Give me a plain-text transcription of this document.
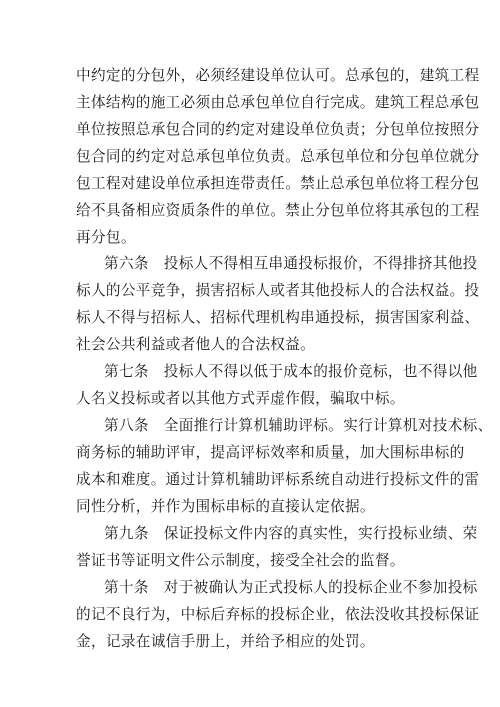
中约定的分包外，必须经建设单位认可。总承包的，建筑工程
主体结构的施工必须由总承包单位自行完成。建筑工程总承包
单位按照总承包合同的约定对建设单位负责；分包单位按照分
包合同的约定对总承包单位负责。总承包单位和分包单位就分
包工程对建设单位承担连带责任。禁止总承包单位将工程分包
给不具备相应资质条件的单位。禁止分包单位将其承包的工程
再分包。
第六条　投标人不得相互串通投标报价，不得排挤其他投
标人的公平竞争，损害招标人或者其他投标人的合法权益。投
标人不得与招标人、招标代理机构串通投标，损害国家利益、
社会公共利益或者他人的合法权益。
第七条　投标人不得以低于成本的报价竞标，也不得以他
人名义投标或者以其他方式弄虚作假，骗取中标。
第八条　全面推行计算机辅助评标。实行计算机对技术标、
商务标的辅助评审，提高评标效率和质量，加大围标串标的
成本和难度。通过计算机辅助评标系统自动进行投标文件的雷
同性分析，并作为围标串标的直接认定依据。
第九条　保证投标文件内容的真实性，实行投标业绩、荣
誉证书等证明文件公示制度，接受全社会的监督。
第十条　对于被确认为正式投标人的投标企业不参加投标
的记不良行为，中标后弃标的投标企业，依法没收其投标保证
金，记录在诚信手册上，并给予相应的处罚。
